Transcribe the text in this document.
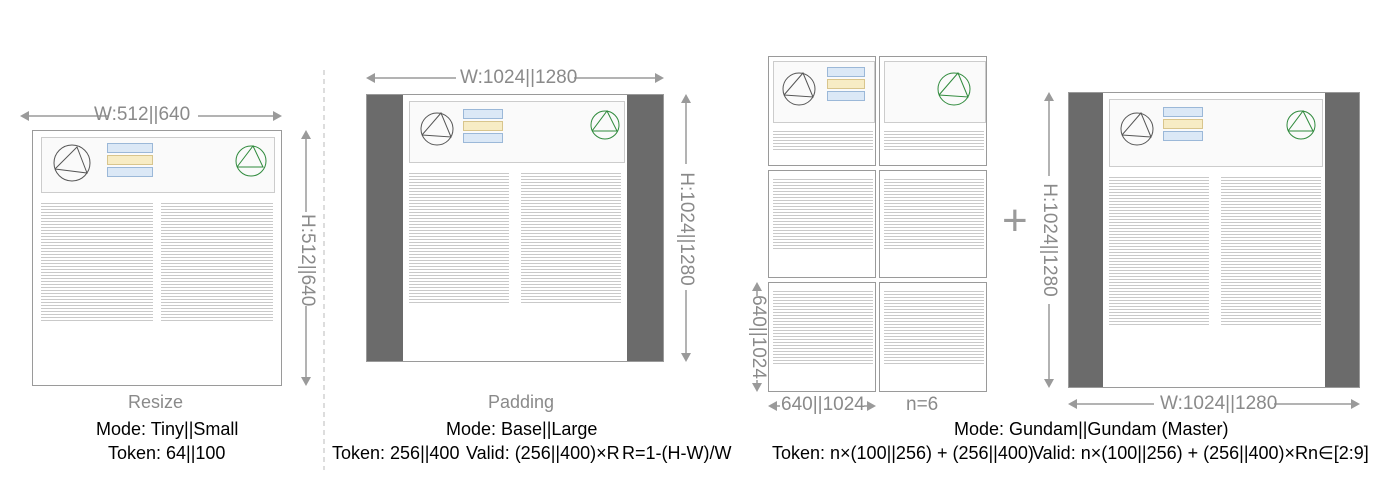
W:512||640
H:512||640
Resize
Mode: Tiny||Small
Token: 64||100
W:1024||1280
H:1024||1280
Padding
Mode: Base||Large
Token: 256||400 Valid: (256||400)×R R=1-(H-W)/W
640||1024
640||1024 n=6
+ H:1024||1280
W:1024||1280
Mode: Gundam||Gundam (Master)
Token: n×(100||256) + (256||400)
Valid: n×(100||256) + (256||400)×R n∈[2:9]
